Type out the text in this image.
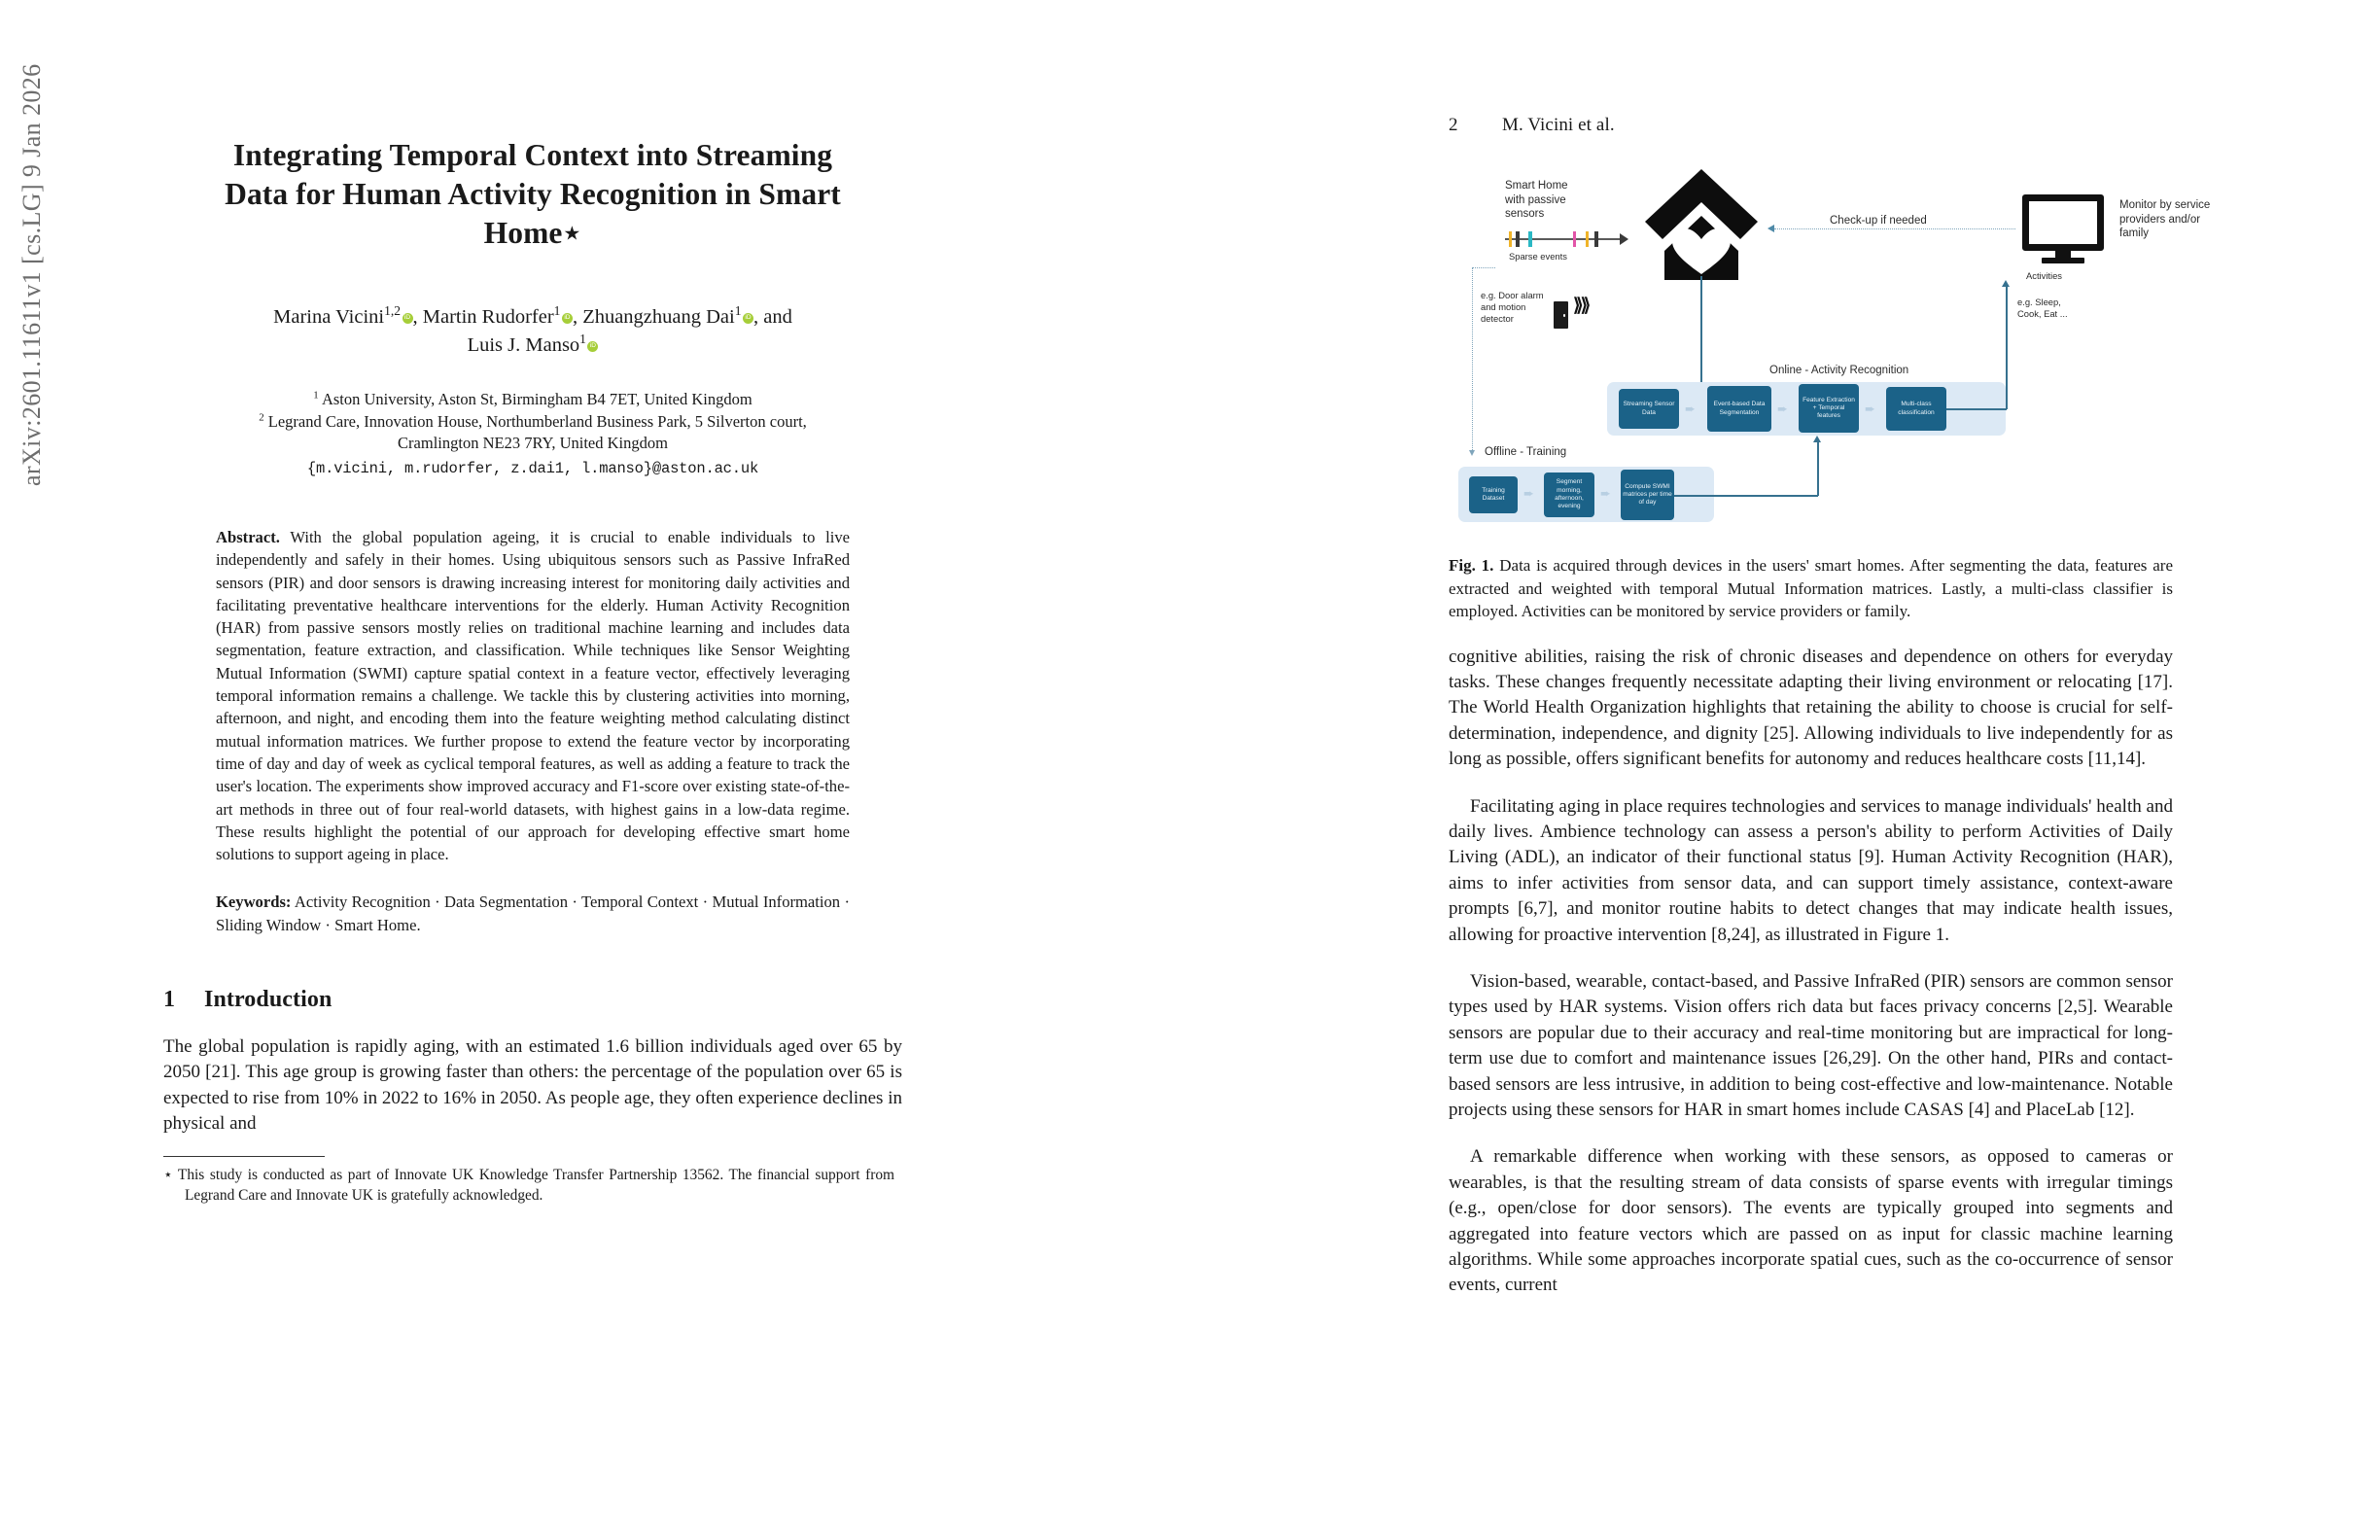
arXiv:2601.11611v1 [cs.LG] 9 Jan 2026	Integrating Temporal Context into Streaming Data for Human Activity Recognition in Smart Home⋆
Marina Vicini$^{1,2}$ iD , Martin Rudorfer$^1$ iD , Zhuangzhuang Dai$^1$ iD , and
Luis J. Manso$^1$iD
$^1$ Aston University, Aston St, Birmingham B4 7ET, United Kingdom
$^2$ Legrand Care, Innovation House, Northumberland Business Park, 5 Silverton court,
Cramlington NE23 7RY, United Kingdom
{m.vicini, m.rudorfer, z.dai1, l.manso}@aston.ac.uk
Abstract. With the global population ageing, it is crucial to enable individuals to live independently and safely in their homes. Using ubiquitous sensors such as Passive InfraRed sensors (PIR) and door sensors is drawing increasing interest for monitoring daily activities and facilitating preventative healthcare interventions for the elderly. Human Activity Recognition (HAR) from passive sensors mostly relies on traditional machine learning and includes data segmentation, feature extraction, and classification. While techniques like Sensor Weighting Mutual Information (SWMI) capture spatial context in a feature vector, effectively leveraging temporal information remains a challenge. We tackle this by clustering activities into morning, afternoon, and night, and encoding them into the feature weighting method calculating distinct mutual information matrices. We further propose to extend the feature vector by incorporating time of day and day of week as cyclical temporal features, as well as adding a feature to track the user's location. The experiments show improved accuracy and F1-score over existing state-of-the-art methods in three out of four real-world datasets, with highest gains in a low-data regime. These results highlight the potential of our approach for developing effective smart home solutions to support ageing in place.
Keywords: Activity Recognition · Data Segmentation · Temporal Context · Mutual Information · Sliding Window · Smart Home.
1 Introduction

The global population is rapidly aging, with an estimated 1.6 billion individuals aged over 65 by 2050 [21]. This age group is growing faster than others: the percentage of the population over 65 is expected to rise from 10% in 2022 to 16% in 2050. As people age, they often experience declines in physical and

⋆ This study is conducted as part of Innovate UK Knowledge Transfer Partnership 13562. The financial support from Legrand Care and Innovate UK is gratefully acknowledged.
2 M. Vicini et al.
Smart Home
with passive
sensors
Sparse events
e.g. Door alarm
and motion
detector
⟫⟫
Monitor by service
providers and/or
family
Activities
Check-up if needed
Online - Activity Recognition
Streaming Sensor Data	➨	Event-based Data Segmentation	➨
Feature Extraction + Temporal features	➨	Multi-class classification
e.g. Sleep,
Cook, Eat ...
Offline - Training
Training Dataset	➨
Segment morning, afternoon, evening
➨
Compute SWMI matrices per time of day
Fig. 1. Data is acquired through devices in the users' smart homes. After segmenting the data, features are extracted and weighted with temporal Mutual Information matrices. Lastly, a multi-class classifier is employed. Activities can be monitored by service providers or family.

cognitive abilities, raising the risk of chronic diseases and dependence on others for everyday tasks. These changes frequently necessitate adapting their living environment or relocating [17]. The World Health Organization highlights that retaining the ability to choose is crucial for self-determination, independence, and dignity [25]. Allowing individuals to live independently for as long as possible, offers significant benefits for autonomy and reduces healthcare costs [11,14].

Facilitating aging in place requires technologies and services to manage individuals' health and daily lives. Ambience technology can assess a person's ability to perform Activities of Daily Living (ADL), an indicator of their functional status [9]. Human Activity Recognition (HAR), aims to infer activities from sensor data, and can support timely assistance, context-aware prompts [6,7], and monitor routine habits to detect changes that may indicate health issues, allowing for proactive intervention [8,24], as illustrated in Figure 1.

Vision-based, wearable, contact-based, and Passive InfraRed (PIR) sensors are common sensor types used by HAR systems. Vision offers rich data but faces privacy concerns [2,5]. Wearable sensors are popular due to their accuracy and real-time monitoring but are impractical for long-term use due to comfort and maintenance issues [26,29]. On the other hand, PIRs and contact-based sensors are less intrusive, in addition to being cost-effective and low-maintenance. Notable projects using these sensors for HAR in smart homes include CASAS [4] and PlaceLab [12].

A remarkable difference when working with these sensors, as opposed to cameras or wearables, is that the resulting stream of data consists of sparse events with irregular timings (e.g., open/close for door sensors). The events are typically grouped into segments and aggregated into feature vectors which are passed on as input for classic machine learning algorithms. While some approaches incorporate spatial cues, such as the co-occurrence of sensor events, current
